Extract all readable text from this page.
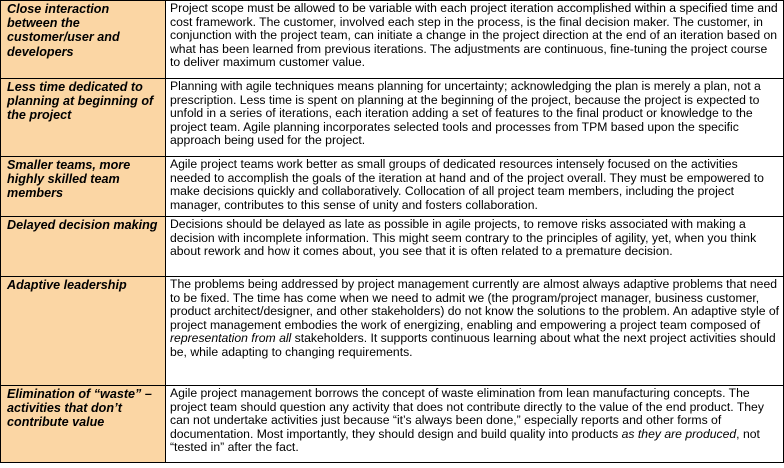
Close interaction between the customer/user and developers	Project scope must be allowed to be variable with each project iteration accomplished within a specified time and cost framework. The customer, involved each step in the process, is the final decision maker. The customer, in conjunction with the project team, can initiate a change in the project direction at the end of an iteration based on what has been learned from previous iterations. The adjustments are continuous, fine-tuning the project course to deliver maximum customer value.
Less time dedicated to planning at beginning of the project	Planning with agile techniques means planning for uncertainty; acknowledging the plan is merely a plan, not a prescription. Less time is spent on planning at the beginning of the project, because the project is expected to unfold in a series of iterations, each iteration adding a set of features to the final product or knowledge to the project team. Agile planning incorporates selected tools and processes from TPM based upon the specific approach being used for the project.
Smaller teams, more highly skilled team members	Agile project teams work better as small groups of dedicated resources intensely focused on the activities needed to accomplish the goals of the iteration at hand and of the project overall. They must be empowered to make decisions quickly and collaboratively. Collocation of all project team members, including the project manager, contributes to this sense of unity and fosters collaboration.
Delayed decision making	Decisions should be delayed as late as possible in agile projects, to remove risks associated with making a decision with incomplete information. This might seem contrary to the principles of agility, yet, when you think about rework and how it comes about, you see that it is often related to a premature decision.
Adaptive leadership	The problems being addressed by project management currently are almost always adaptive problems that need to be fixed. The time has come when we need to admit we (the program/project manager, business customer, product architect/designer, and other stakeholders) do not know the solutions to the problem. An adaptive style of project management embodies the work of energizing, enabling and empowering a project team composed of representation from all stakeholders. It supports continuous learning about what the next project activities should be, while adapting to changing requirements.
Elimination of “waste” – activities that don’t contribute value	Agile project management borrows the concept of waste elimination from lean manufacturing concepts. The project team should question any activity that does not contribute directly to the value of the end product. They can not undertake activities just because “it’s always been done,” especially reports and other forms of documentation. Most importantly, they should design and build quality into products as they are produced, not “tested in” after the fact.
